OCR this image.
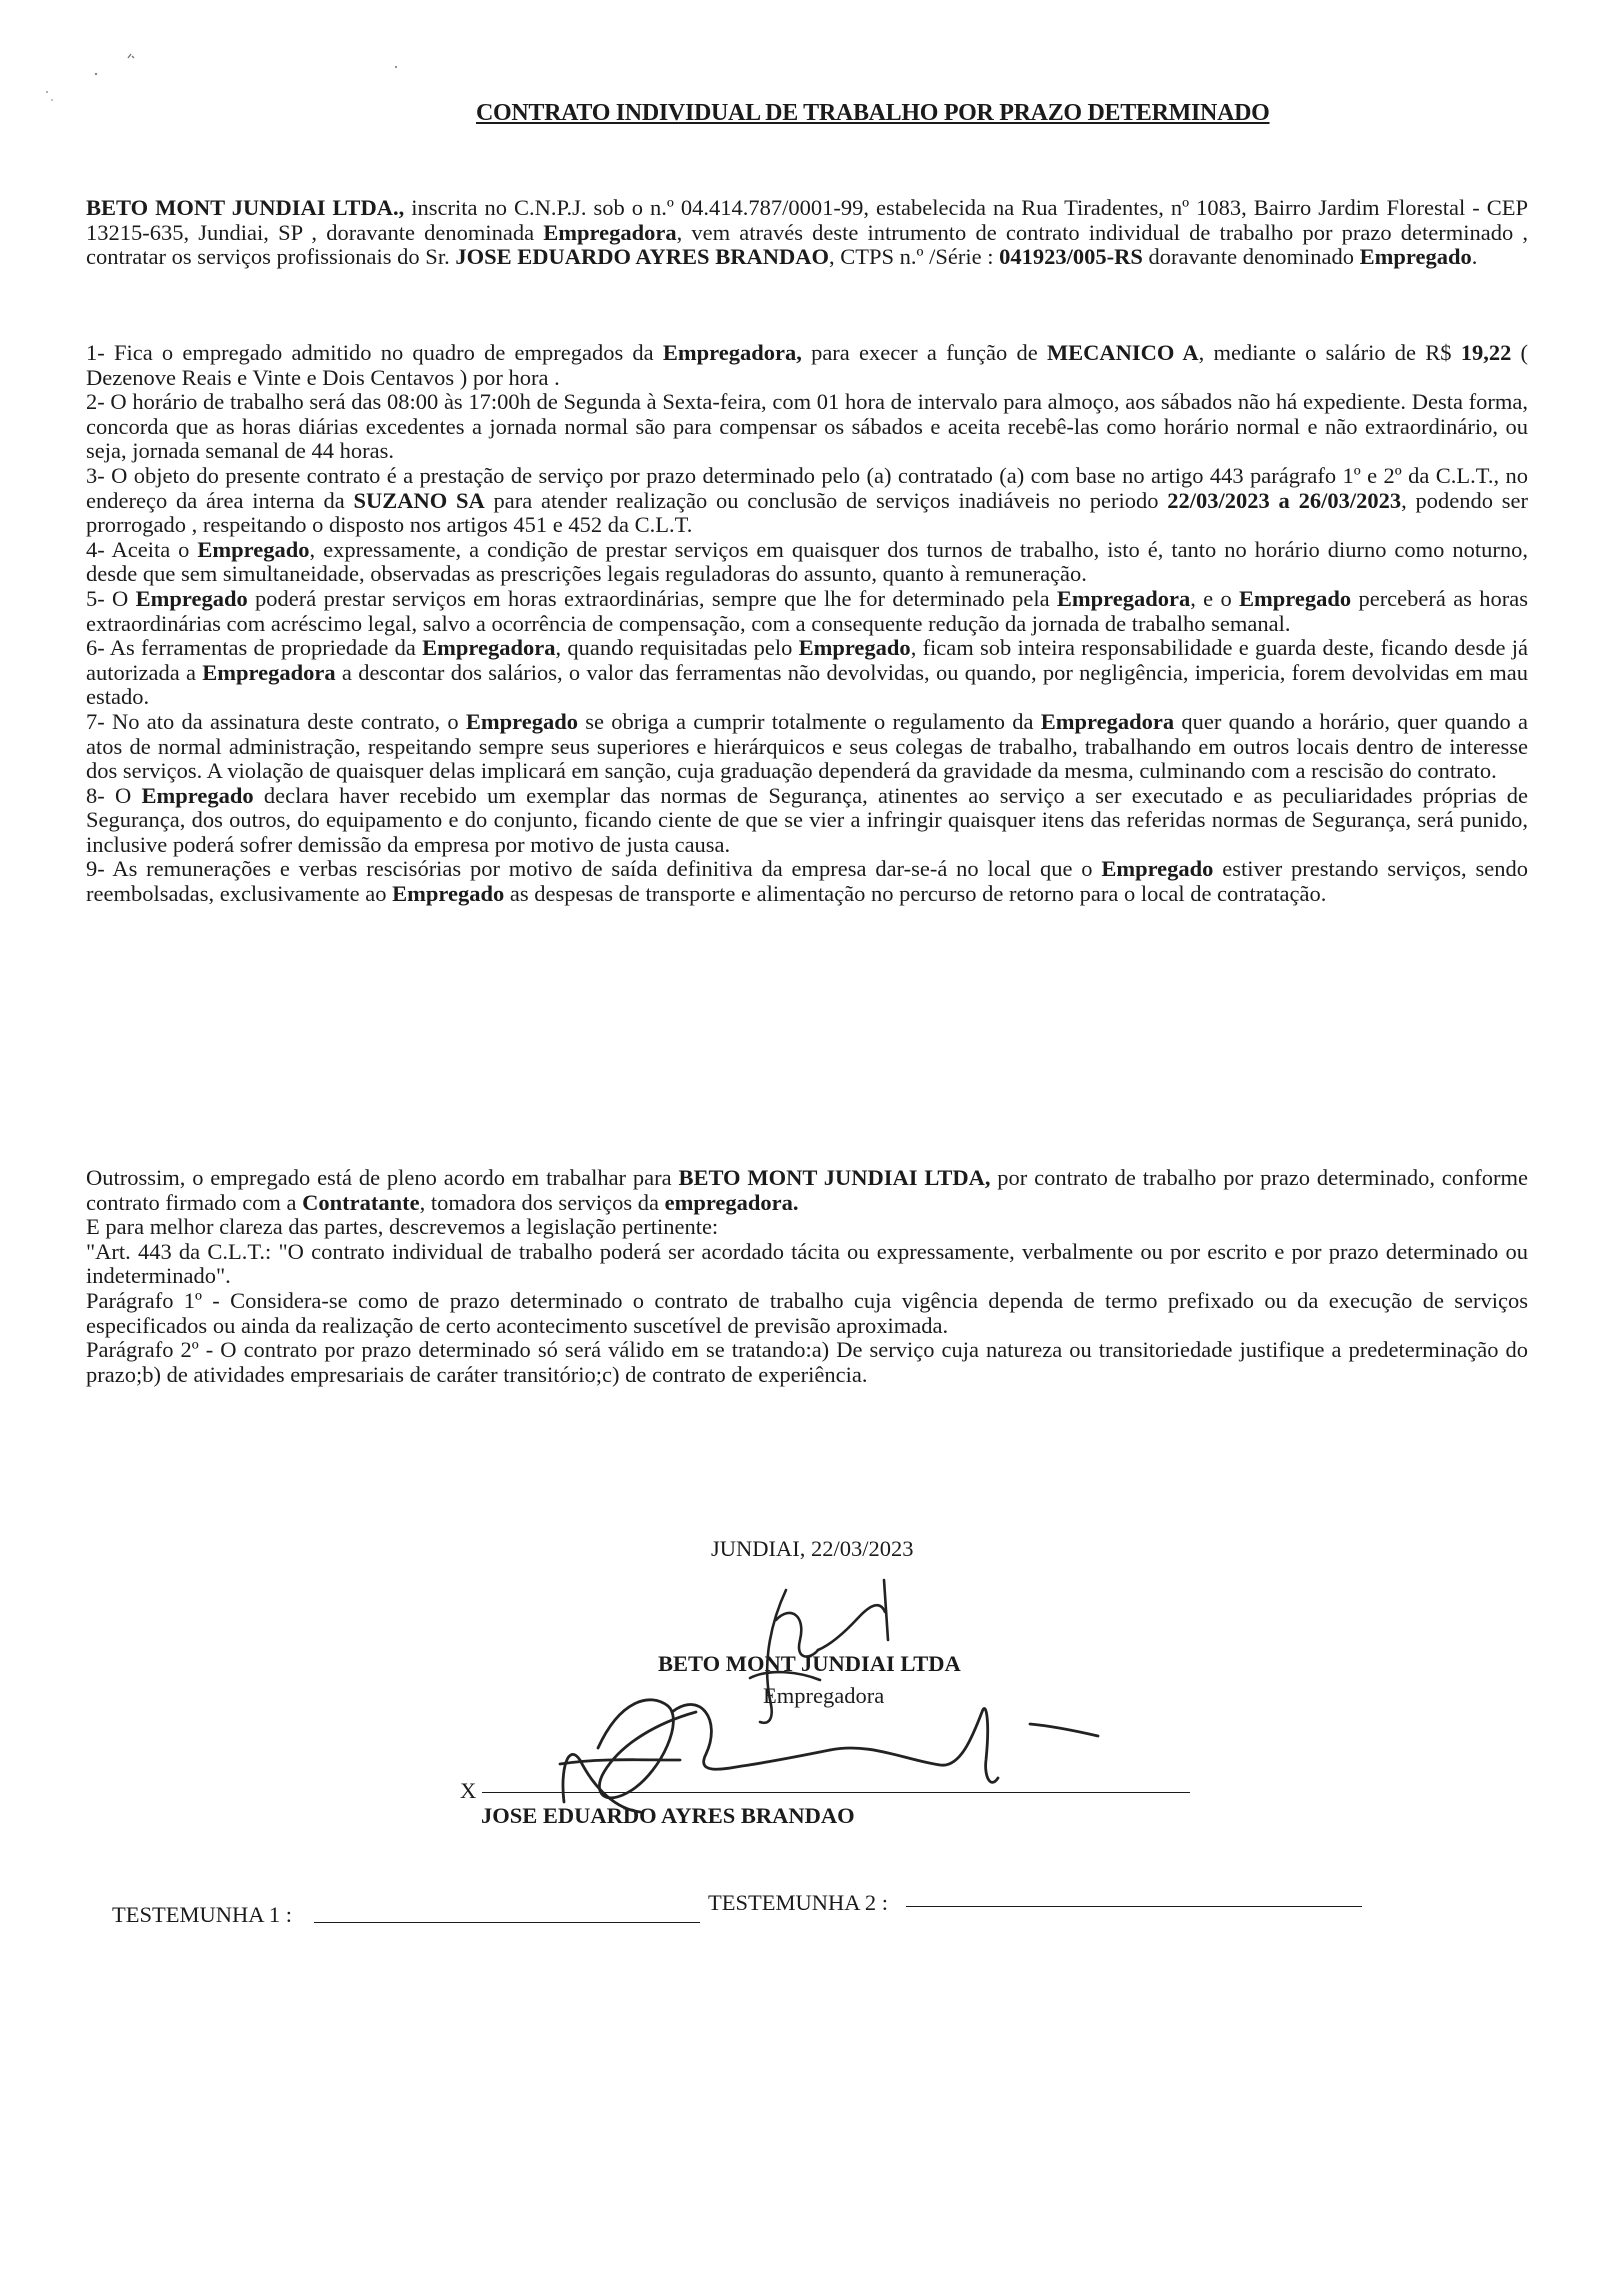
CONTRATO INDIVIDUAL DE TRABALHO POR PRAZO DETERMINADO

BETO MONT JUNDIAI LTDA., inscrita no C.N.P.J. sob o n.º 04.414.787/0001-99, estabelecida na Rua Tiradentes, nº 1083, Bairro Jardim Florestal - CEP 13215-635, Jundiai, SP , doravante denominada Empregadora, vem através deste intrumento de contrato individual de trabalho por prazo determinado , contratar os serviços profissionais do Sr. JOSE EDUARDO AYRES BRANDAO, CTPS n.º /Série : 041923/005-RS doravante denominado Empregado.

1- Fica o empregado admitido no quadro de empregados da Empregadora, para execer a função de MECANICO A, mediante o salário de R$ 19,22 ( Dezenove Reais e Vinte e Dois Centavos ) por hora .

2- O horário de trabalho será das 08:00 às 17:00h de Segunda à Sexta-feira, com 01 hora de intervalo para almoço, aos sábados não há expediente. Desta forma, concorda que as horas diárias excedentes a jornada normal são para compensar os sábados e aceita recebê-las como horário normal e não extraordinário, ou seja, jornada semanal de 44 horas.

3- O objeto do presente contrato é a prestação de serviço por prazo determinado pelo (a) contratado (a) com base no artigo 443 parágrafo 1º e 2º da C.L.T., no endereço da área interna da SUZANO SA para atender realização ou conclusão de serviços inadiáveis no periodo 22/03/2023 a 26/03/2023, podendo ser prorrogado , respeitando o disposto nos artigos 451 e 452 da C.L.T.

4- Aceita o Empregado, expressamente, a condição de prestar serviços em quaisquer dos turnos de trabalho, isto é, tanto no horário diurno como noturno, desde que sem simultaneidade, observadas as prescrições legais reguladoras do assunto, quanto à remuneração.

5- O Empregado poderá prestar serviços em horas extraordinárias, sempre que lhe for determinado pela Empregadora, e o Empregado perceberá as horas extraordinárias com acréscimo legal, salvo a ocorrência de compensação, com a consequente redução da jornada de trabalho semanal.

6- As ferramentas de propriedade da Empregadora, quando requisitadas pelo Empregado, ficam sob inteira responsabilidade e guarda deste, ficando desde já autorizada a Empregadora a descontar dos salários, o valor das ferramentas não devolvidas, ou quando, por negligência, impericia, forem devolvidas em mau estado.

7- No ato da assinatura deste contrato, o Empregado se obriga a cumprir totalmente o regulamento da Empregadora quer quando a horário, quer quando a atos de normal administração, respeitando sempre seus superiores e hierárquicos e seus colegas de trabalho, trabalhando em outros locais dentro de interesse dos serviços. A violação de quaisquer delas implicará em sanção, cuja graduação dependerá da gravidade da mesma, culminando com a rescisão do contrato.

8- O Empregado declara haver recebido um exemplar das normas de Segurança, atinentes ao serviço a ser executado e as peculiaridades próprias de Segurança, dos outros, do equipamento e do conjunto, ficando ciente de que se vier a infringir quaisquer itens das referidas normas de Segurança, será punido, inclusive poderá sofrer demissão da empresa por motivo de justa causa.

9- As remunerações e verbas rescisórias por motivo de saída definitiva da empresa dar-se-á no local que o Empregado estiver prestando serviços, sendo reembolsadas, exclusivamente ao Empregado as despesas de transporte e alimentação no percurso de retorno para o local de contratação.

Outrossim, o empregado está de pleno acordo em trabalhar para BETO MONT JUNDIAI LTDA, por contrato de trabalho por prazo determinado, conforme contrato firmado com a Contratante, tomadora dos serviços da empregadora.

E para melhor clareza das partes, descrevemos a legislação pertinente:

"Art. 443 da C.L.T.: "O contrato individual de trabalho poderá ser acordado tácita ou expressamente, verbalmente ou por escrito e por prazo determinado ou indeterminado".

Parágrafo 1º - Considera-se como de prazo determinado o contrato de trabalho cuja vigência dependa de termo prefixado ou da execução de serviços especificados ou ainda da realização de certo acontecimento suscetível de previsão aproximada.

Parágrafo 2º - O contrato por prazo determinado só será válido em se tratando:a) De serviço cuja natureza ou transitoriedade justifique a predeterminação do prazo;b) de atividades empresariais de caráter transitório;c) de contrato de experiência.

JUNDIAI, 22/03/2023
BETO MONT JUNDIAI LTDA
Empregadora
X
JOSE EDUARDO AYRES BRANDAO
TESTEMUNHA 1 :	TESTEMUNHA 2 :
